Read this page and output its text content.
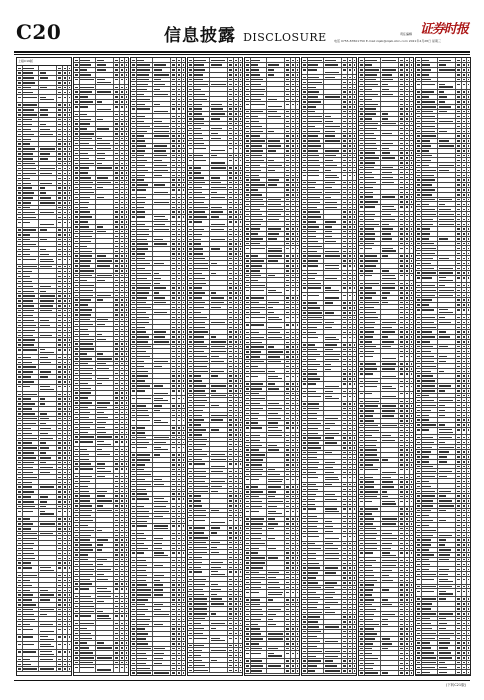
C20	信息披露 DISCLOSURE	责任编辑 证券时报
电话 0755-83501750 E-mail zqsb@zqsb.stcn.com 2021年4月28日 星期三
上接C19版
(下转C21版)
